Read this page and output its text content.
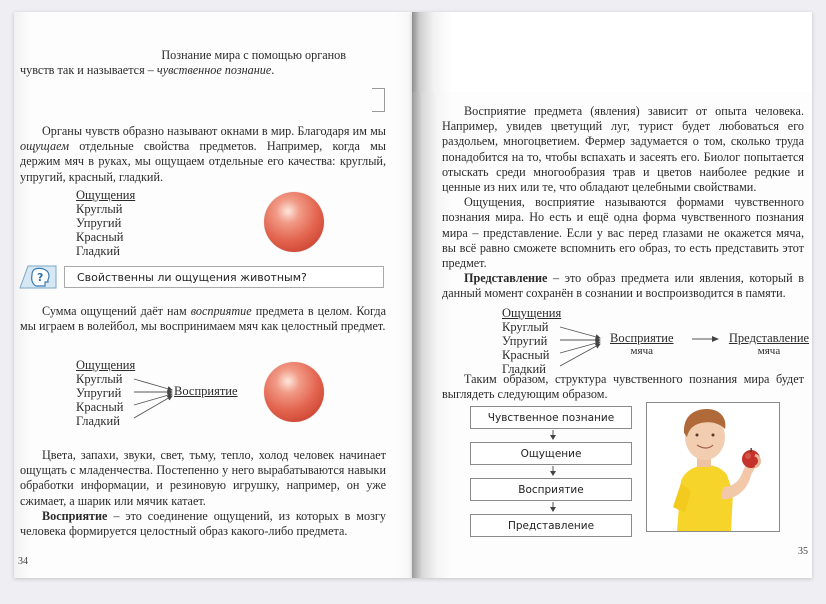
Познание мира с помощью органов
чувств так и называется – чувственное познание.

Органы чувств образно называют окнами в мир. Благодаря им мы ощущаем отдельные свойства предметов. Например, когда мы держим мяч в руках, мы ощущаем отдельные его качества: круглый, упругий, красный, гладкий.

Ощущения
Круглый
Упругий
Красный
Гладкий
?	Свойственны ли ощущения животным?

Сумма ощущений даёт нам восприятие предмета в целом. Когда мы играем в волейбол, мы воспринимаем мяч как целостный предмет.

Ощущения
Круглый
Упругий
Красный
Гладкий
Восприятие

Цвета, запахи, звуки, свет, тьму, тепло, холод человек начинает ощущать с младенчества. Постепенно у него вырабатываются навыки обработки информации, и резиновую игрушку, например, он уже сжимает, а шарик или мячик катает.

Восприятие – это соединение ощущений, из которых в мозгу человека формируется целостный образ какого-либо предмета.

34

Восприятие предмета (явления) зависит от опыта человека. Например, увидев цветущий луг, турист будет любоваться его раздольем, многоцветием. Фермер задумается о том, сколько труда понадобится на то, чтобы вспахать и засеять его. Биолог попытается отыскать среди многообразия трав и цветов наиболее редкие и ценные из них или те, что обладают целебными свойствами.

Ощущения, восприятие называются формами чувственного познания мира. Но есть и ещё одна форма чувственного познания мира – представление. Если у вас перед глазами не окажется мяча, вы всё равно сможете вспомнить его образ, то есть представить этот предмет.

Представление – это образ предмета или явления, который в данный момент сохранён в сознании и воспроизводится в памяти.

Ощущения
Круглый
Упругий
Красный
Гладкий
Восприятие
мяча
Представление
мяча

Таким образом, структура чувственного познания мира будет выглядеть следующим образом.

Чувственное познание
Ощущение
Восприятие
Представление
35
